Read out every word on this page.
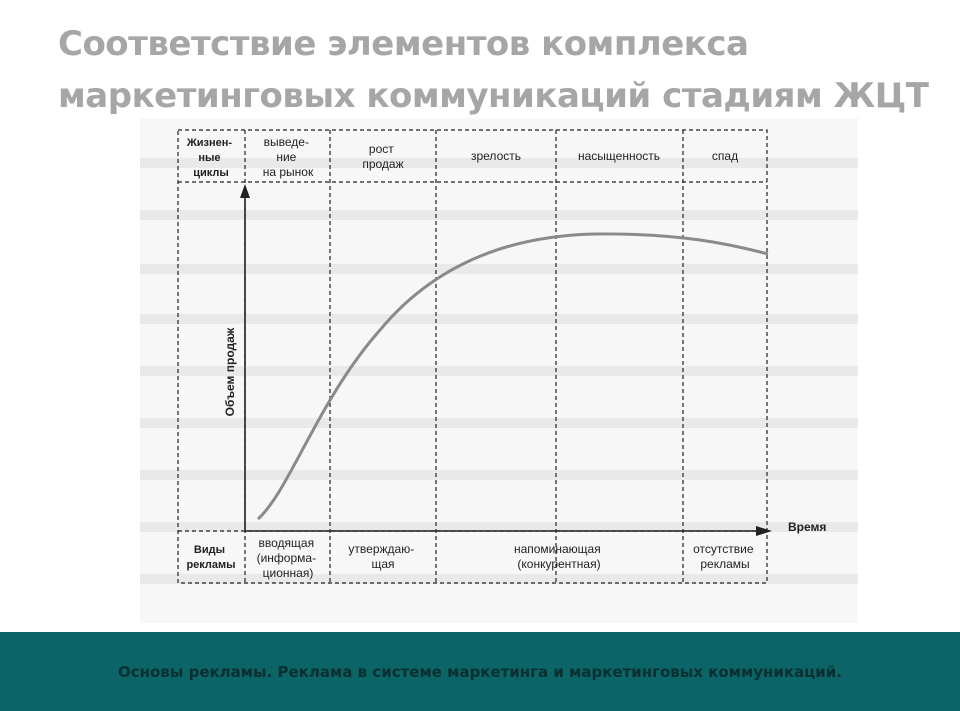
Соответствие элементов комплекса
маркетинговых коммуникаций стадиям ЖЦТ
Жизнен- ные циклы
выведе- ние на рынок
рост продаж
зрелость	насыщенность	спад
Объем продаж
Время
Виды рекламы
вводящая (информа- ционная)
утверждаю- щая
напоминающая (конкурентная)
отсутствие рекламы
Основы рекламы. Реклама в системе маркетинга и маркетинговых коммуникаций.
